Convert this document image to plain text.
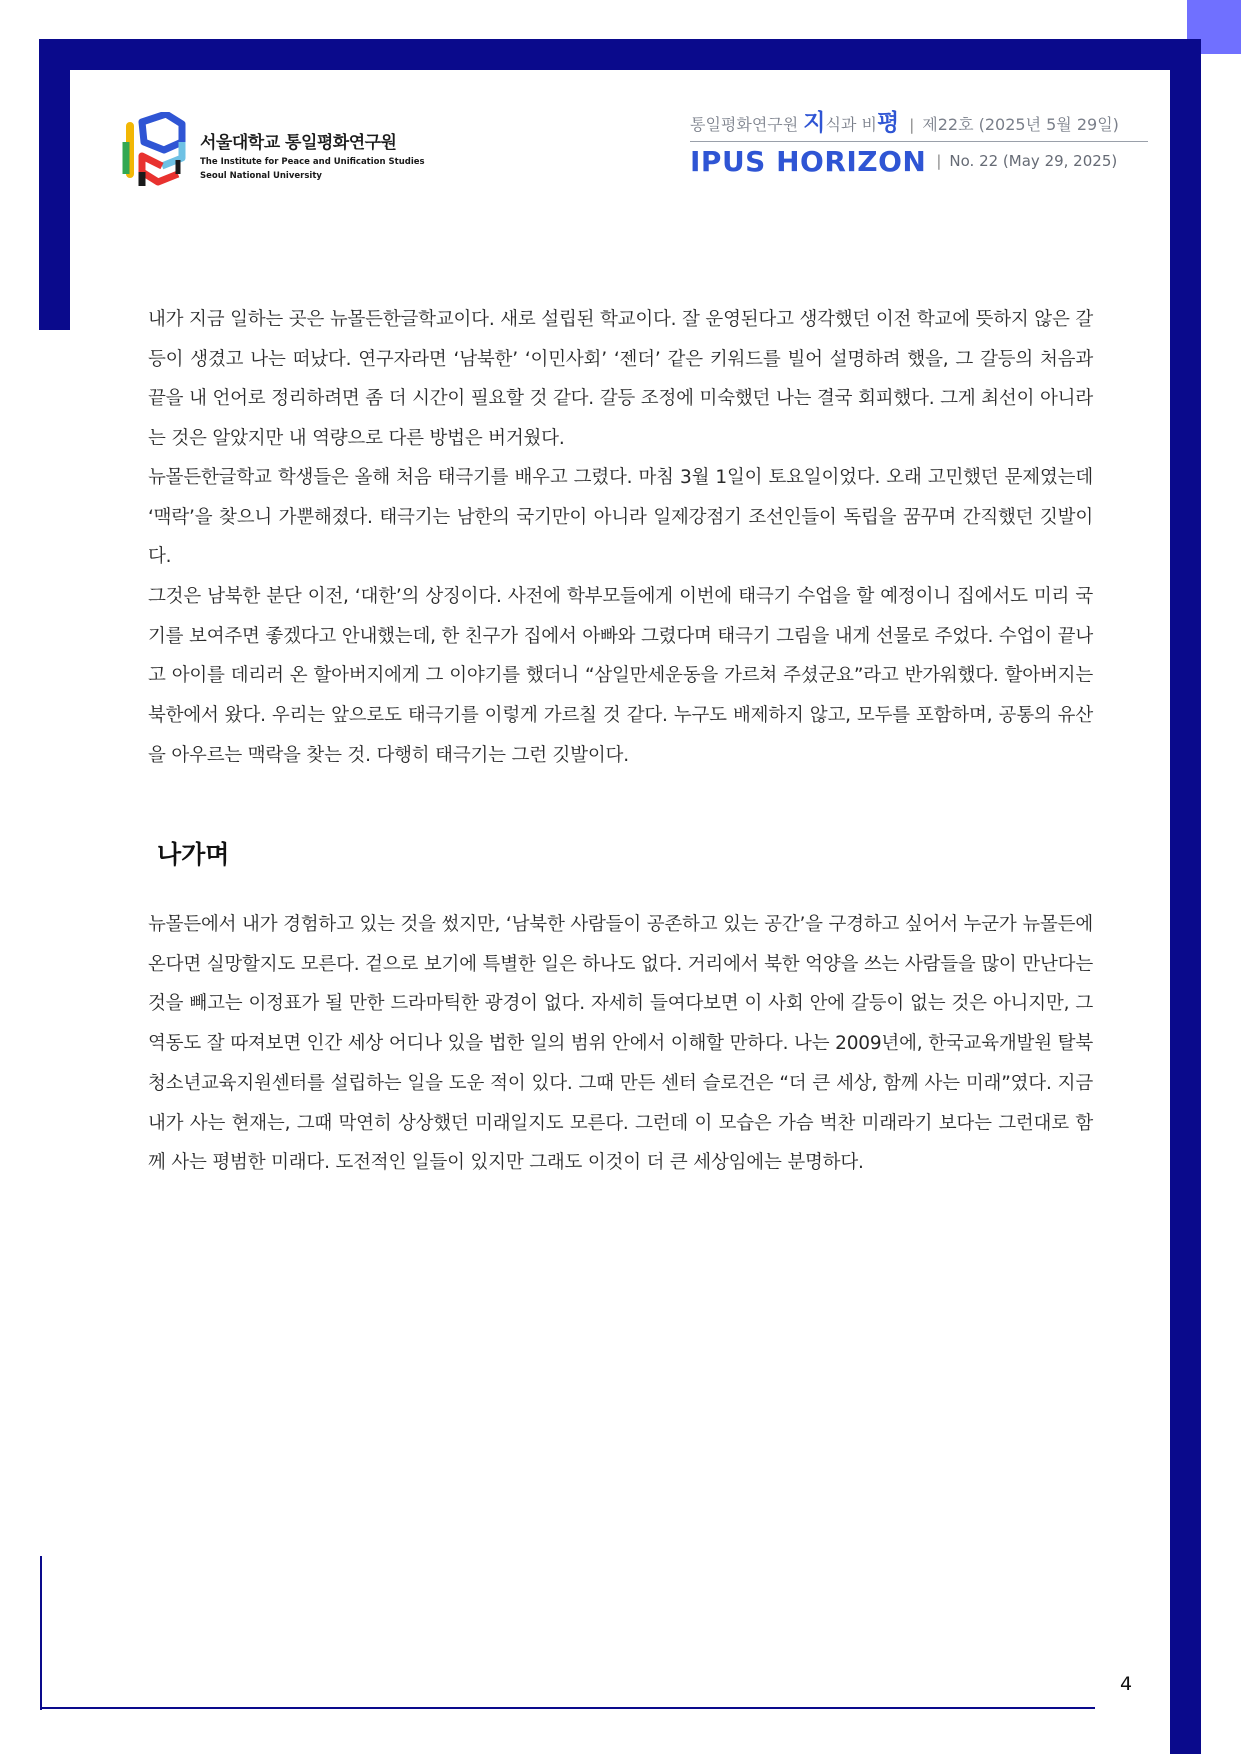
서울대학교 통일평화연구원
The Institute for Peace and Unification Studies
Seoul National University
통일평화연구원
지 식과 비 평 | 제22호 (2025년 5월 29일)
IPUS HORIZON | No. 22 (May 29, 2025)

내가 지금 일하는 곳은 뉴몰든한글학교이다. 새로 설립된 학교이다. 잘 운영된다고 생각했던 이전 학교에 뜻하지 않은 갈등이 생겼고 나는 떠났다. 연구자라면 ‘남북한’ ‘이민사회’ ‘젠더’ 같은 키워드를 빌어 설명하려 했을, 그 갈등의 처음과 끝을 내 언어로 정리하려면 좀 더 시간이 필요할 것 같다. 갈등 조정에 미숙했던 나는 결국 회피했다. 그게 최선이 아니라는 것은 알았지만 내 역량으로 다른 방법은 버거웠다.

뉴몰든한글학교 학생들은 올해 처음 태극기를 배우고 그렸다. 마침 3월 1일이 토요일이었다. 오래 고민했던 문제였는데 ‘맥락’을 찾으니 가뿐해졌다. 태극기는 남한의 국기만이 아니라 일제강점기 조선인들이 독립을 꿈꾸며 간직했던 깃발이다.

그것은 남북한 분단 이전, ‘대한’의 상징이다. 사전에 학부모들에게 이번에 태극기 수업을 할 예정이니 집에서도 미리 국기를 보여주면 좋겠다고 안내했는데, 한 친구가 집에서 아빠와 그렸다며 태극기 그림을 내게 선물로 주었다. 수업이 끝나고 아이를 데리러 온 할아버지에게 그 이야기를 했더니 “삼일만세운동을 가르쳐 주셨군요”라고 반가워했다. 할아버지는 북한에서 왔다. 우리는 앞으로도 태극기를 이렇게 가르칠 것 같다. 누구도 배제하지 않고, 모두를 포함하며, 공통의 유산을 아우르는 맥락을 찾는 것. 다행히 태극기는 그런 깃발이다.

나가며

뉴몰든에서 내가 경험하고 있는 것을 썼지만, ‘남북한 사람들이 공존하고 있는 공간’을 구경하고 싶어서 누군가 뉴몰든에 온다면 실망할지도 모른다. 겉으로 보기에 특별한 일은 하나도 없다. 거리에서 북한 억양을 쓰는 사람들을 많이 만난다는 것을 빼고는 이정표가 될 만한 드라마틱한 광경이 없다. 자세히 들여다보면 이 사회 안에 갈등이 없는 것은 아니지만, 그 역동도 잘 따져보면 인간 세상 어디나 있을 법한 일의 범위 안에서 이해할 만하다. 나는 2009년에, 한국교육개발원 탈북청소년교육지원센터를 설립하는 일을 도운 적이 있다. 그때 만든 센터 슬로건은 “더 큰 세상, 함께 사는 미래”였다. 지금 내가 사는 현재는, 그때 막연히 상상했던 미래일지도 모른다. 그런데 이 모습은 가슴 벅찬 미래라기 보다는 그런대로 함께 사는 평범한 미래다. 도전적인 일들이 있지만 그래도 이것이 더 큰 세상임에는 분명하다.

4
